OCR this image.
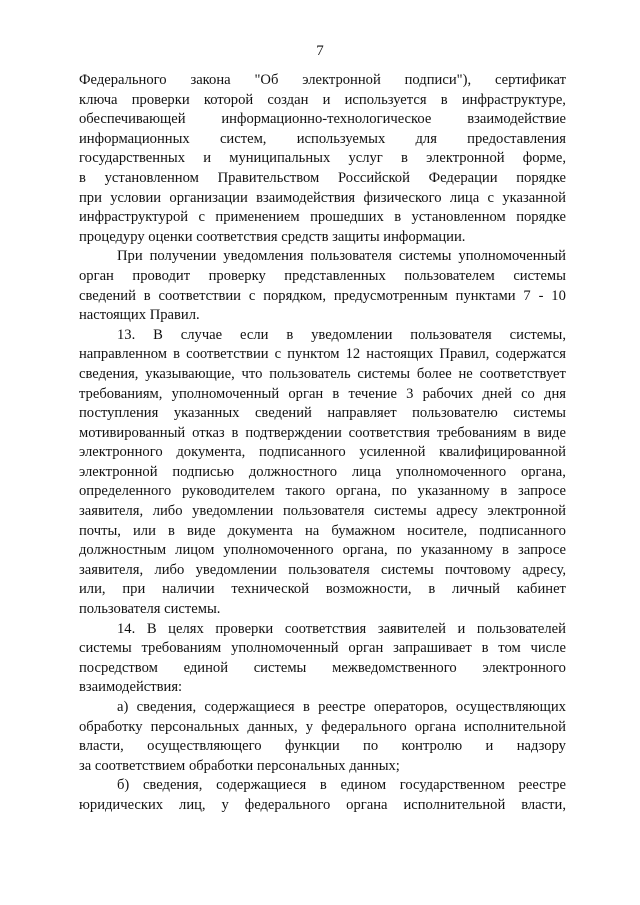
7
Федерального закона "Об электронной подписи"), сертификат
ключа проверки которой создан и используется в инфраструктуре,
обеспечивающей информационно-технологическое взаимодействие
информационных систем, используемых для предоставления
государственных и муниципальных услуг в электронной форме,
в установленном Правительством Российской Федерации порядке
при условии организации взаимодействия физического лица с указанной
инфраструктурой с применением прошедших в установленном порядке
процедуру
оценки
соответствия
средств
защиты
информации.
При получении уведомления пользователя системы уполномоченный
орган проводит проверку представленных пользователем системы
сведений в соответствии с порядком, предусмотренным пунктами 7 - 10
настоящих
Правил.
13. В случае если в уведомлении пользователя системы,
направленном в соответствии с пунктом 12 настоящих Правил, содержатся
сведения, указывающие, что пользователь системы более не соответствует
требованиям, уполномоченный орган в течение 3 рабочих дней со дня
поступления указанных сведений направляет пользователю системы
мотивированный отказ в подтверждении соответствия требованиям в виде
электронного документа, подписанного усиленной квалифицированной
электронной подписью должностного лица уполномоченного органа,
определенного руководителем такого органа, по указанному в запросе
заявителя, либо уведомлении пользователя системы адресу электронной
почты, или в виде документа на бумажном носителе, подписанного
должностным лицом уполномоченного органа, по указанному в запросе
заявителя, либо уведомлении пользователя системы почтовому адресу,
или, при наличии технической возможности, в личный кабинет
пользователя
системы.
14. В целях проверки соответствия заявителей и пользователей
системы требованиям уполномоченный орган запрашивает в том числе
посредством единой системы межведомственного электронного
взаимодействия:
а) сведения, содержащиеся в реестре операторов, осуществляющих
обработку персональных данных, у федерального органа исполнительной
власти, осуществляющего функции по контролю и надзору
за
соответствием
обработки
персональных
данных;
б) сведения, содержащиеся в едином государственном реестре
юридических лиц, у федерального органа исполнительной власти,
